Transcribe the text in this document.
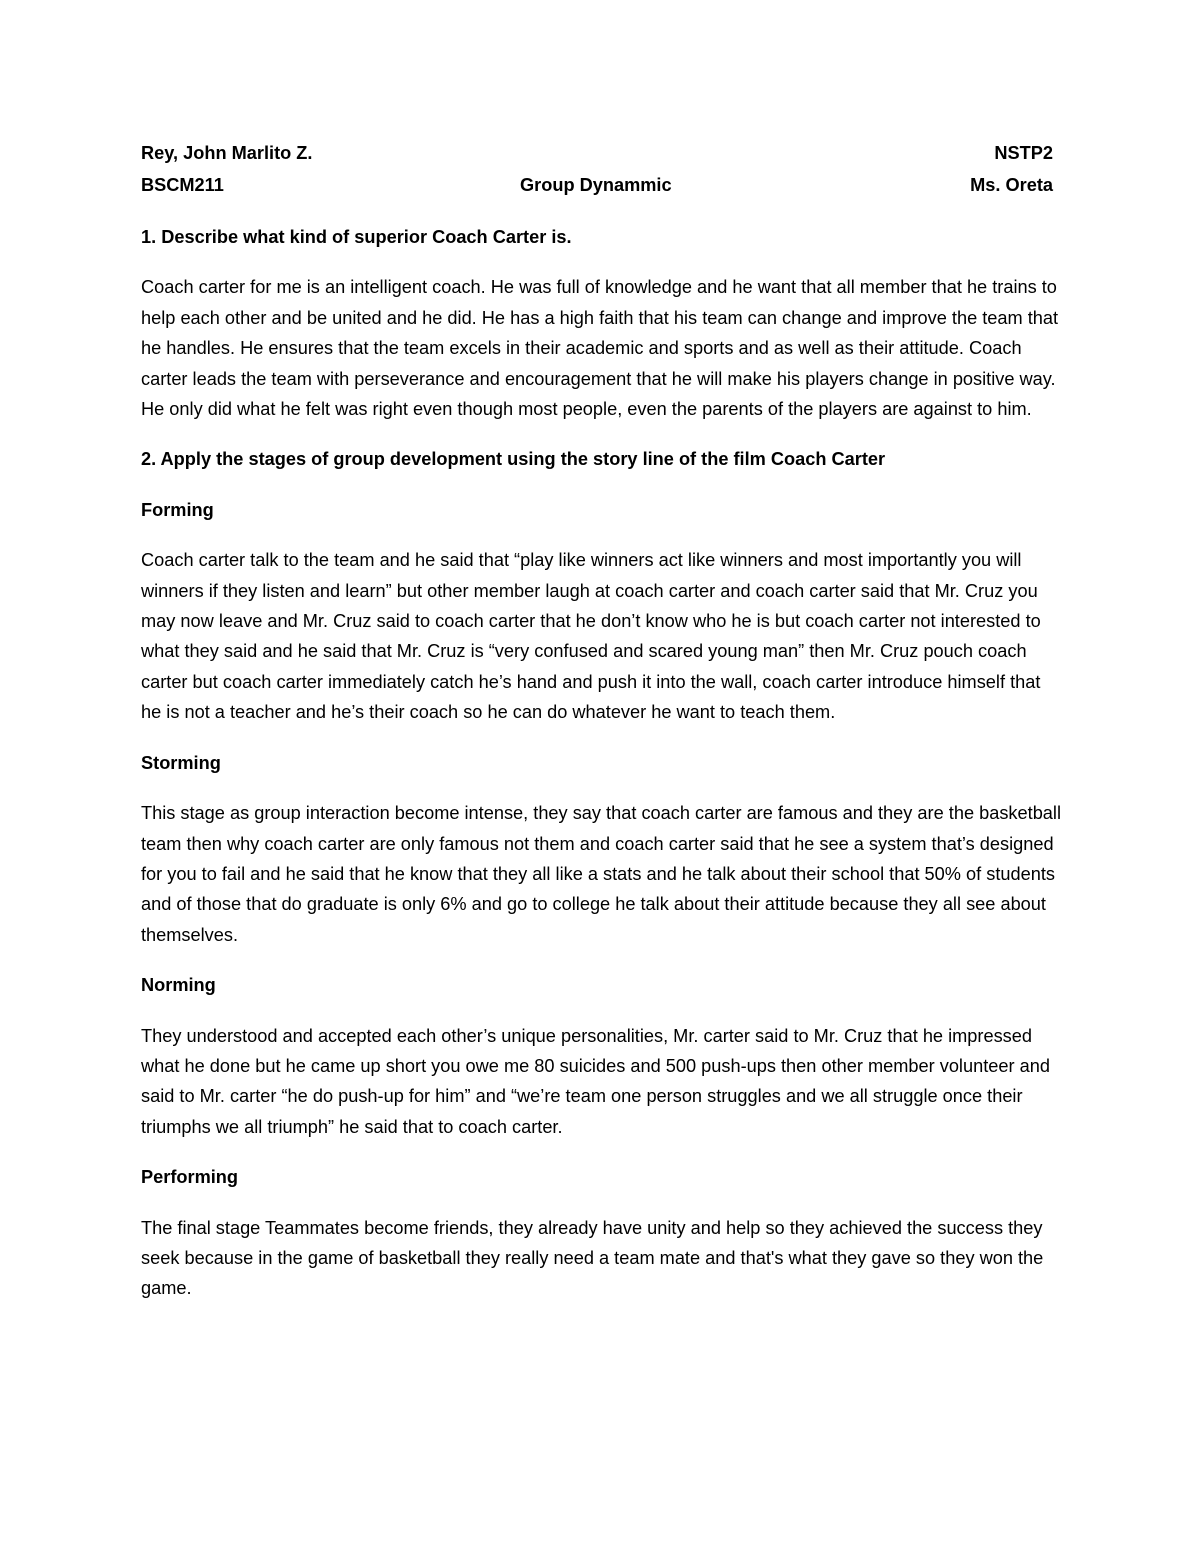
Rey, John Marlito Z.	NSTP2
BSCM211	Group Dynammic	Ms. Oreta

1. Describe what kind of superior Coach Carter is.

Coach carter for me is an intelligent coach. He was full of knowledge and he want that all member that he trains to help each other and be united and he did. He has a high faith that his team can change and improve the team that he handles. He ensures that the team excels in their academic and sports and as well as their attitude. Coach carter leads the team with perseverance and encouragement that he will make his players change in positive way. He only did what he felt was right even though most people, even the parents of the players are against to him.

2. Apply the stages of group development using the story line of the film Coach Carter

Forming

Coach carter talk to the team and he said that “play like winners act like winners and most importantly you will winners if they listen and learn” but other member laugh at coach carter and coach carter said that Mr. Cruz you may now leave and Mr. Cruz said to coach carter that he don’t know who he is but coach carter not interested to what they said and he said that Mr. Cruz is “very confused and scared young man” then Mr. Cruz pouch coach carter but coach carter immediately catch he’s hand and push it into the wall, coach carter introduce himself that he is not a teacher and he’s their coach so he can do whatever he want to teach them.

Storming

This stage as group interaction become intense, they say that coach carter are famous and they are the basketball team then why coach carter are only famous not them and coach carter said that he see a system that’s designed for you to fail and he said that he know that they all like a stats and he talk about their school that 50% of students and of those that do graduate is only 6% and go to college he talk about their attitude because they all see about themselves.

Norming

They understood and accepted each other’s unique personalities, Mr. carter said to Mr. Cruz that he impressed what he done but he came up short you owe me 80 suicides and 500 push-ups then other member volunteer and said to Mr. carter “he do push-up for him” and “we’re team one person struggles and we all struggle once their triumphs we all triumph” he said that to coach carter.

Performing

The final stage Teammates become friends, they already have unity and help so they achieved the success they seek because in the game of basketball they really need a team mate and that's what they gave so they won the game.
